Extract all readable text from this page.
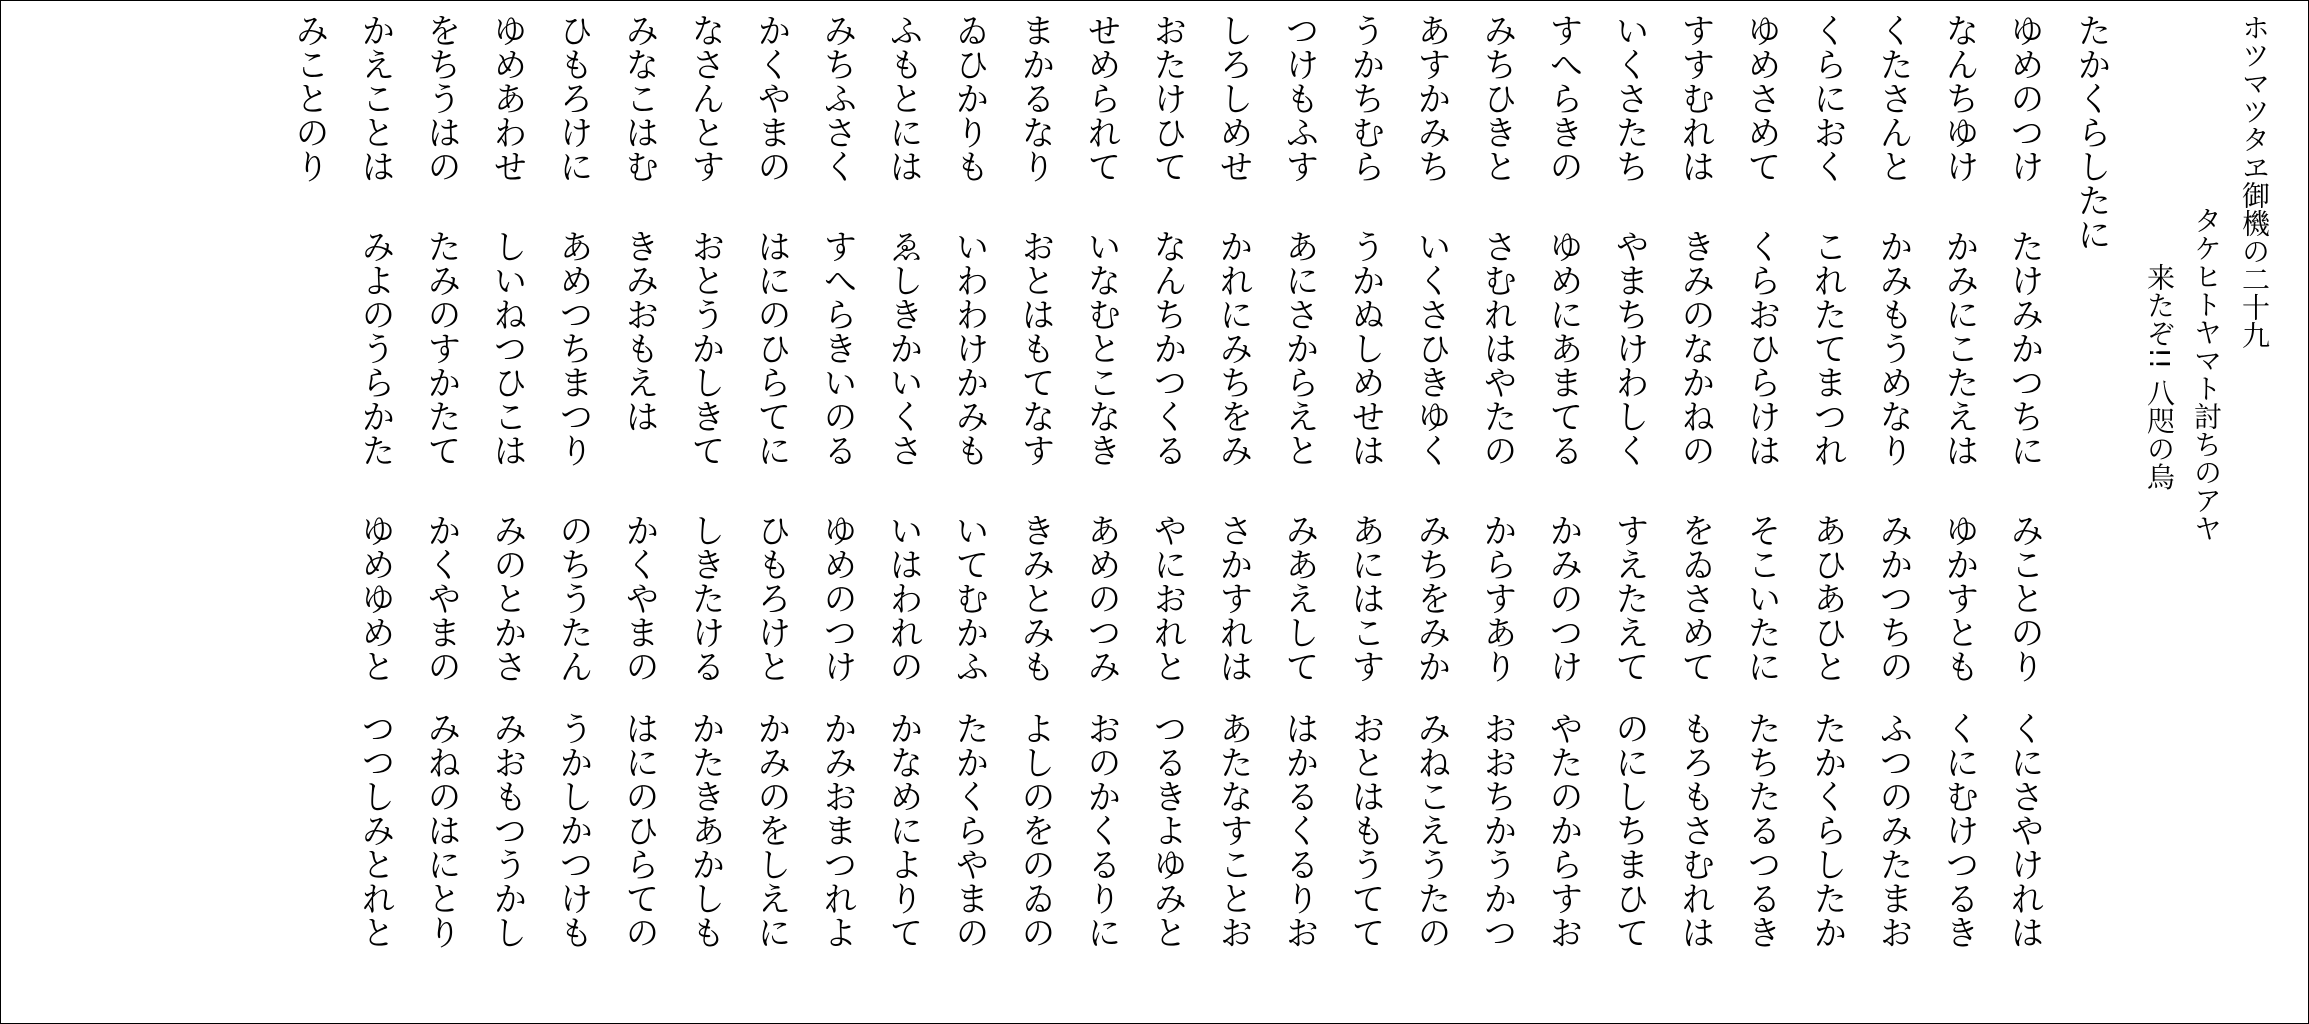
ホツマツタヱ御機の二十九
タケヒトヤマト討ちのアヤ
来たぞ!! 八咫の烏
たかくらしたに
ゆめのつけ
たけみかつちに
みことのり
くにさやけれは
なんちゆけ
かみにこたえは
ゆかすとも
くにむけつるき
くたさんと
かみもうめなり
みかつちの
ふつのみたまお
くらにおく
これたてまつれ
あひあひと
たかくらしたか
ゆめさめて
くらおひらけは
そこいたに
たちたるつるき
すすむれは
きみのなかねの
をゐさめて
もろもさむれは
いくさたち
やまちけわしく
すえたえて
のにしちまひて
すへらきの
ゆめにあまてる
かみのつけ
やたのからすお
みちひきと
さむれはやたの
からすあり
おおちかうかつ
あすかみち
いくさひきゆく
みちをみか
みねこえうたの
うかちむら
うかぬしめせは
あにはこす
おとはもうてて
つけもふす
あにさからえと
みあえして
はかるくるりお
しろしめせ
かれにみちをみ
さかすれは
あたなすことお
おたけひて
なんちかつくる
やにおれと
つるきよゆみと
せめられて
いなむとこなき
あめのつみ
おのかくるりに
まかるなり
おとはもてなす
きみとみも
よしのをのゐの
ゐひかりも
いわわけかみも
いてむかふ
たかくらやまの
ふもとには
ゑしきかいくさ
いはわれの
かなめによりて
みちふさく
すへらきいのる
ゆめのつけ
かみおまつれよ
かくやまの
はにのひらてに
ひもろけと
かみのをしえに
なさんとす
おとうかしきて
しきたける
かたきあかしも
みなこはむ
きみおもえは
かくやまの
はにのひらての
ひもろけに
あめつちまつり
のちうたん
うかしかつけも
ゆめあわせ
しいねつひこは
みのとかさ
みおもつうかし
をちうはの
たみのすかたて
かくやまの
みねのはにとり
かえことは
みよのうらかた
ゆめゆめと
つつしみとれと
みことのり
